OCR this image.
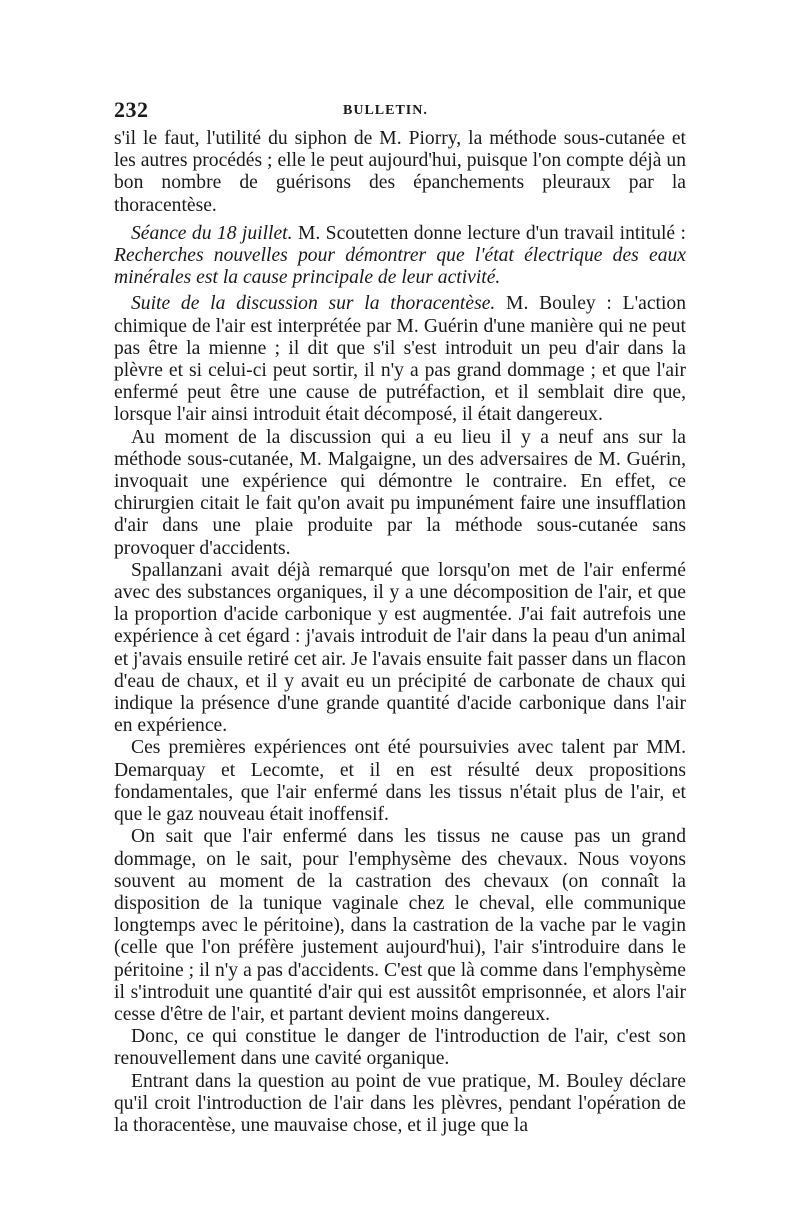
232	BULLETIN.

s'il le faut, l'utilité du siphon de M. Piorry, la méthode sous-cutanée et les autres procédés ; elle le peut aujourd'hui, puisque l'on compte déjà un bon nombre de guérisons des épanchements pleuraux par la thoracentèse.

Séance du 18 juillet. M. Scoutetten donne lecture d'un travail intitulé : Recherches nouvelles pour démontrer que l'état électrique des eaux minérales est la cause principale de leur activité.

Suite de la discussion sur la thoracentèse. M. Bouley : L'action chimique de l'air est interprétée par M. Guérin d'une manière qui ne peut pas être la mienne ; il dit que s'il s'est introduit un peu d'air dans la plèvre et si celui-ci peut sortir, il n'y a pas grand dommage ; et que l'air enfermé peut être une cause de putréfaction, et il semblait dire que, lorsque l'air ainsi introduit était décomposé, il était dangereux.

Au moment de la discussion qui a eu lieu il y a neuf ans sur la méthode sous-cutanée, M. Malgaigne, un des adversaires de M. Guérin, invoquait une expérience qui démontre le contraire. En effet, ce chirurgien citait le fait qu'on avait pu impunément faire une insufflation d'air dans une plaie produite par la méthode sous-cutanée sans provoquer d'accidents.

Spallanzani avait déjà remarqué que lorsqu'on met de l'air enfermé avec des substances organiques, il y a une décomposition de l'air, et que la proportion d'acide carbonique y est augmentée. J'ai fait autrefois une expérience à cet égard : j'avais introduit de l'air dans la peau d'un animal et j'avais ensuile retiré cet air. Je l'avais ensuite fait passer dans un flacon d'eau de chaux, et il y avait eu un précipité de carbonate de chaux qui indique la présence d'une grande quantité d'acide carbonique dans l'air en expérience.

Ces premières expériences ont été poursuivies avec talent par MM. Demarquay et Lecomte, et il en est résulté deux propositions fondamentales, que l'air enfermé dans les tissus n'était plus de l'air, et que le gaz nouveau était inoffensif.

On sait que l'air enfermé dans les tissus ne cause pas un grand dommage, on le sait, pour l'emphysème des chevaux. Nous voyons souvent au moment de la castration des chevaux (on connaît la disposition de la tunique vaginale chez le cheval, elle communique longtemps avec le péritoine), dans la castration de la vache par le vagin (celle que l'on préfère justement aujourd'hui), l'air s'introduire dans le péritoine ; il n'y a pas d'accidents. C'est que là comme dans l'emphysème il s'introduit une quantité d'air qui est aussitôt emprisonnée, et alors l'air cesse d'être de l'air, et partant devient moins dangereux.

Donc, ce qui constitue le danger de l'introduction de l'air, c'est son renouvellement dans une cavité organique.

Entrant dans la question au point de vue pratique, M. Bouley déclare qu'il croit l'introduction de l'air dans les plèvres, pendant l'opération de la thoracentèse, une mauvaise chose, et il juge que la
